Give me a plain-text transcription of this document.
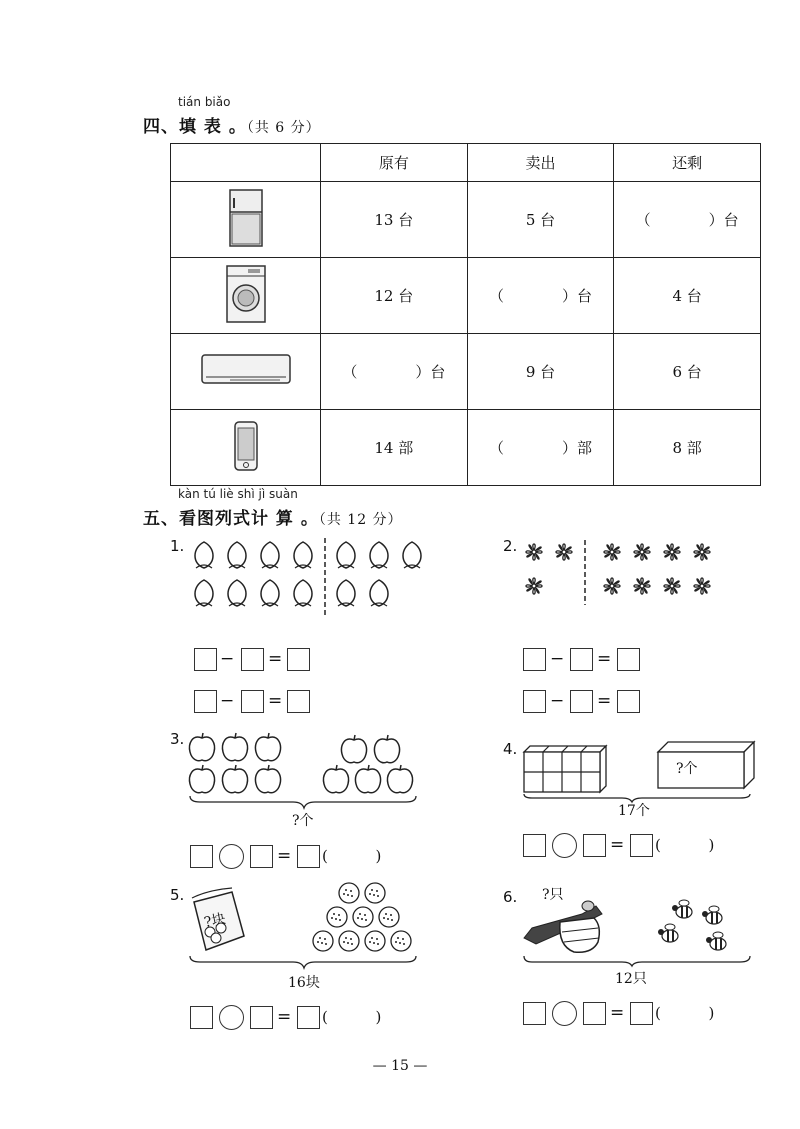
tián biǎo
四、填 表 。（共 6 分）
	原有	卖出	还剩
	13 台	5 台	（ ）台
	12 台	（ ）台	4 台
	（ ）台	9 台	6 台
	14 部	（ ）部	8 部
kàn tú liè shì jì suàn
五、看图列式计 算 。（共 12 分）
1.
− =
− =
2.
− =
− =
3.
?个
= (          )
4.
?个
17个
= (          )
5.
?块
16块
= (          )
6. ?只
12只
= (          )
— 15 —
